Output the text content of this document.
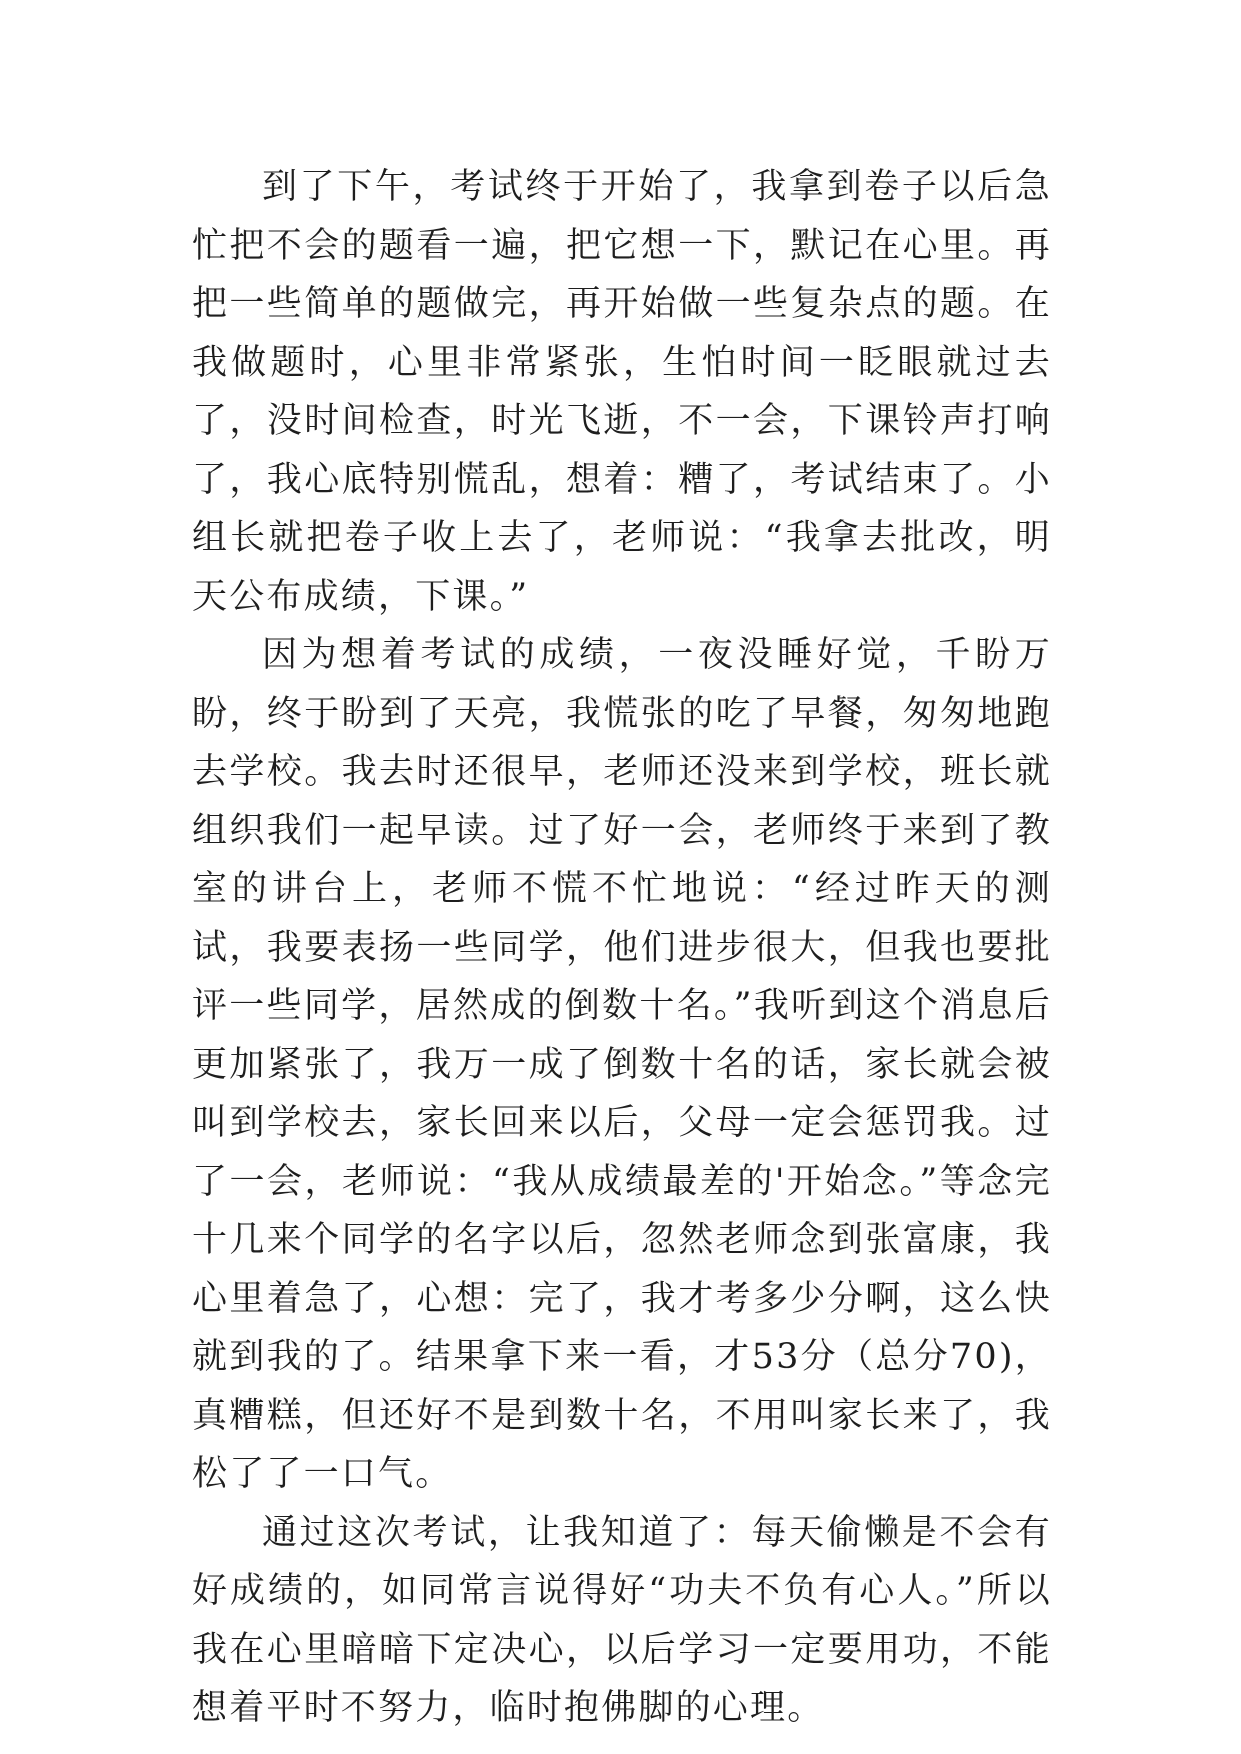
到了下午，考试终于开始了，我拿到卷子以后急忙把不会的题看一遍，把它想一下，默记在心里。再把一些简单的题做完，再开始做一些复杂点的题。在我做题时，心里非常紧张，生怕时间一眨眼就过去了，没时间检查，时光飞逝，不一会，下课铃声打响了，我心底特别慌乱，想着：糟了，考试结束了。小组长就把卷子收上去了，老师说：“我拿去批改，明天公布成绩，下课。”

因为想着考试的成绩，一夜没睡好觉，千盼万盼，终于盼到了天亮，我慌张的吃了早餐，匆匆地跑去学校。我去时还很早，老师还没来到学校，班长就组织我们一起早读。过了好一会，老师终于来到了教室的讲台上，老师不慌不忙地说：“经过昨天的测试，我要表扬一些同学，他们进步很大，但我也要批评一些同学，居然成的倒数十名。”我听到这个消息后更加紧张了，我万一成了倒数十名的话，家长就会被叫到学校去，家长回来以后，父母一定会惩罚我。过了一会，老师说：“我从成绩最差的'开始念。”等念完十几来个同学的名字以后，忽然老师念到张富康，我心里着急了，心想：完了，我才考多少分啊，这么快就到我的了。结果拿下来一看，才53分（总分70)，真糟糕，但还好不是到数十名，不用叫家长来了，我松了了一口气。

通过这次考试，让我知道了：每天偷懒是不会有好成绩的，如同常言说得好“功夫不负有心人。”所以我在心里暗暗下定决心，以后学习一定要用功，不能想着平时不努力，临时抱佛脚的心理。
